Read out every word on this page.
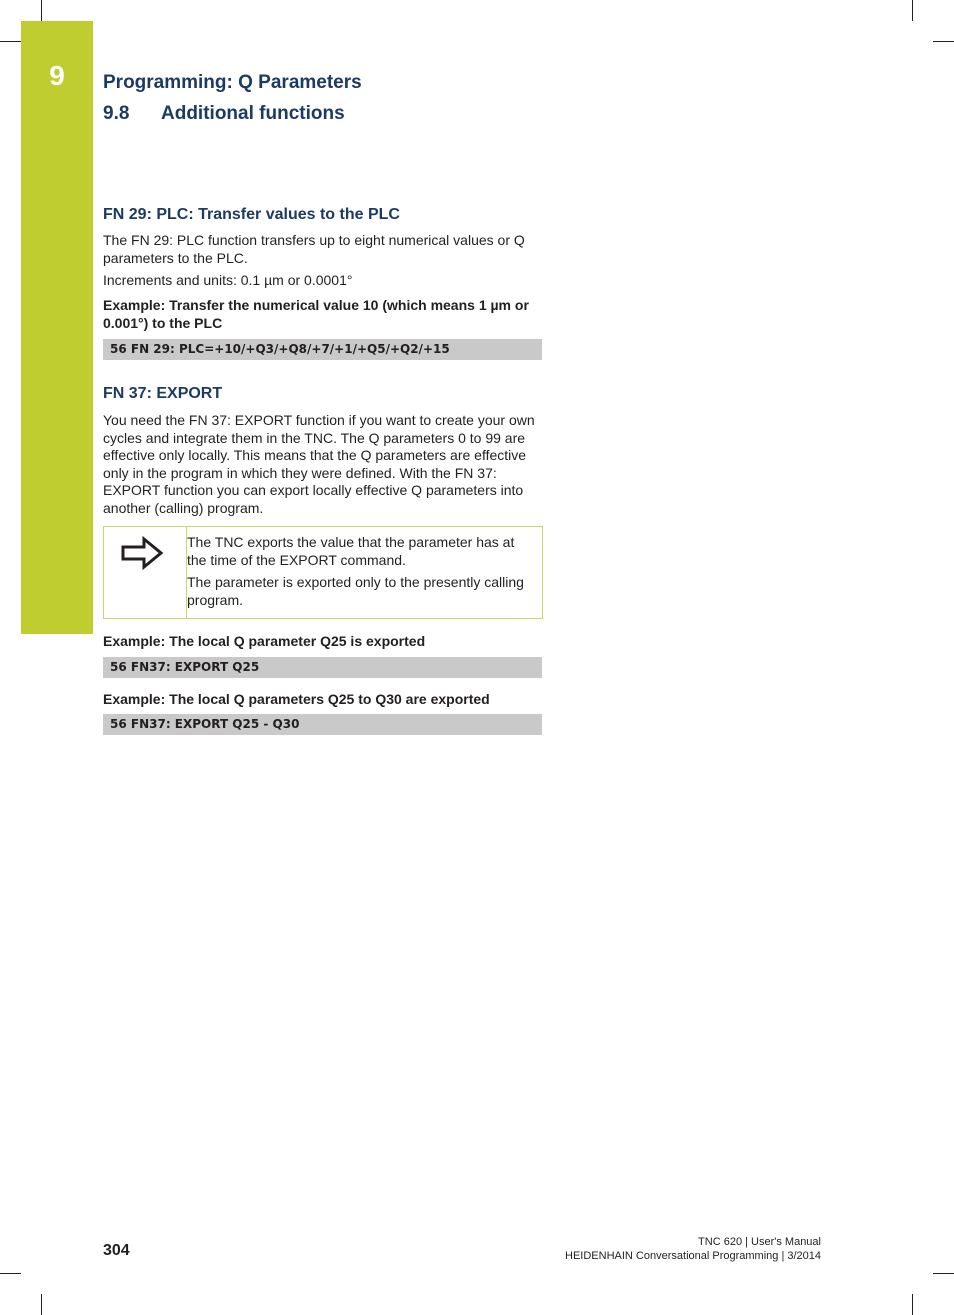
9	Programming: Q Parameters
9.8 Additional functions
FN 29: PLC: Transfer values to the PLC

The FN 29: PLC function transfers up to eight numerical values or Q parameters to the PLC.

Increments and units: 0.1 µm or 0.0001°

Example: Transfer the numerical value 10 (which means 1 µm or 0.001°) to the PLC

56 FN 29: PLC=+10/+Q3/+Q8/+7/+1/+Q5/+Q2/+15
FN 37: EXPORT

You need the FN 37: EXPORT function if you want to create your own cycles and integrate them in the TNC. The Q parameters 0 to 99 are effective only locally. This means that the Q parameters are effective only in the program in which they were defined. With the FN 37: EXPORT function you can export locally effective Q parameters into another (calling) program.

The TNC exports the value that the parameter has at the time of the EXPORT command.

The parameter is exported only to the presently calling program.

Example: The local Q parameter Q25 is exported

56 FN37: EXPORT Q25

Example: The local Q parameters Q25 to Q30 are exported

56 FN37: EXPORT Q25 - Q30

304	TNC 620 | User's Manual
HEIDENHAIN Conversational Programming | 3/2014
